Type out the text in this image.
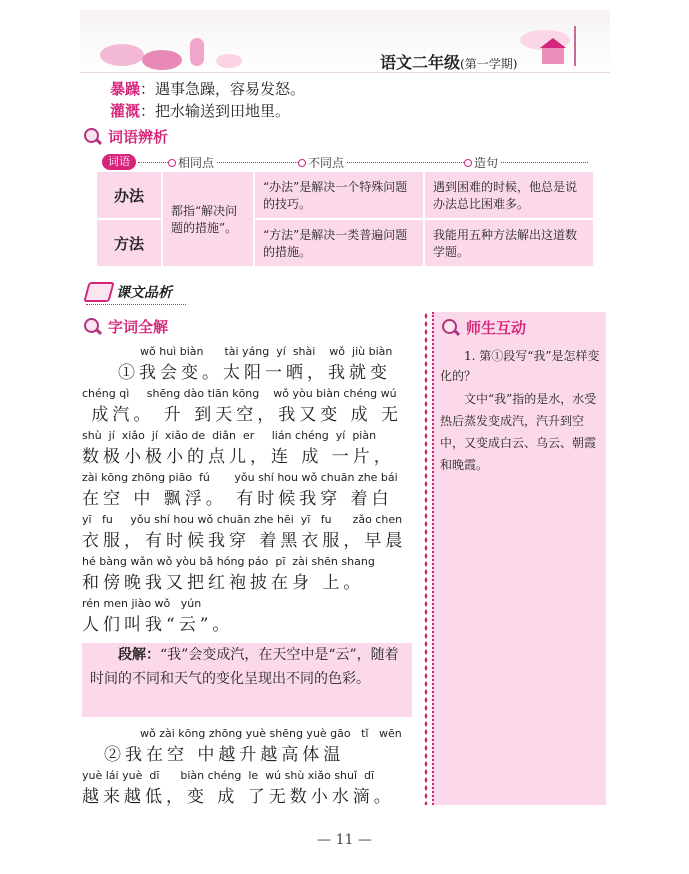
语文二年级(第一学期)
暴躁：遇事急躁，容易发怒。
灌溉：把水输送到田地里。
词语辨析
词语	相同点	不同点	造句
办法	都指“解决问题的措施”。	“办法”是解决一个特殊问题的技巧。	遇到困难的时候，他总是说办法总比困难多。
方法		“方法”是解决一类普遍问题的措施。	我能用五种方法解出这道数学题。
课文品析
字词全解
wǒ huì biàn      tài yáng  yí  shài    wǒ  jiù biàn
①我会变。太阳一晒，我就变
chéng qì     shēng dào tiān kōng    wǒ yòu biàn chéng wú
成汽。 升 到天空，我又变 成 无
shù  jí  xiǎo  jí  xiǎo de  diǎn  er     lián chéng  yí  piàn
数极小极小的点儿，连 成 一片，
zài kōng zhōng piāo  fú       yǒu shí hou wǒ chuān zhe bái
在空 中 飘浮。 有时候我穿 着白
yī   fu     yǒu shí hou wǒ chuān zhe hēi  yī   fu      zǎo chen
衣服，有时候我穿 着黑衣服，早晨
hé bàng wǎn wǒ yòu bǎ hóng páo  pī  zài shēn shang
和傍晚我又把红袍披在身 上。
rén men jiào wǒ   yún
人们叫我“云”。
段解：“我”会变成汽，在天空中是“云”，随着时间的不同和天气的变化呈现出不同的色彩。
wǒ zài kōng zhōng yuè shēng yuè gāo   tǐ   wēn
②我在空 中越升越高体温
yuè lái yuè  dī      biàn chéng  le  wú shù xiǎo shuǐ  dī
越来越低，变 成 了无数小水滴。
师生互动
1. 第①段写“我”是怎样变化的？
文中“我”指的是水，水受热后蒸发变成汽，汽升到空中，又变成白云、乌云、朝霞和晚霞。
— 11 —
